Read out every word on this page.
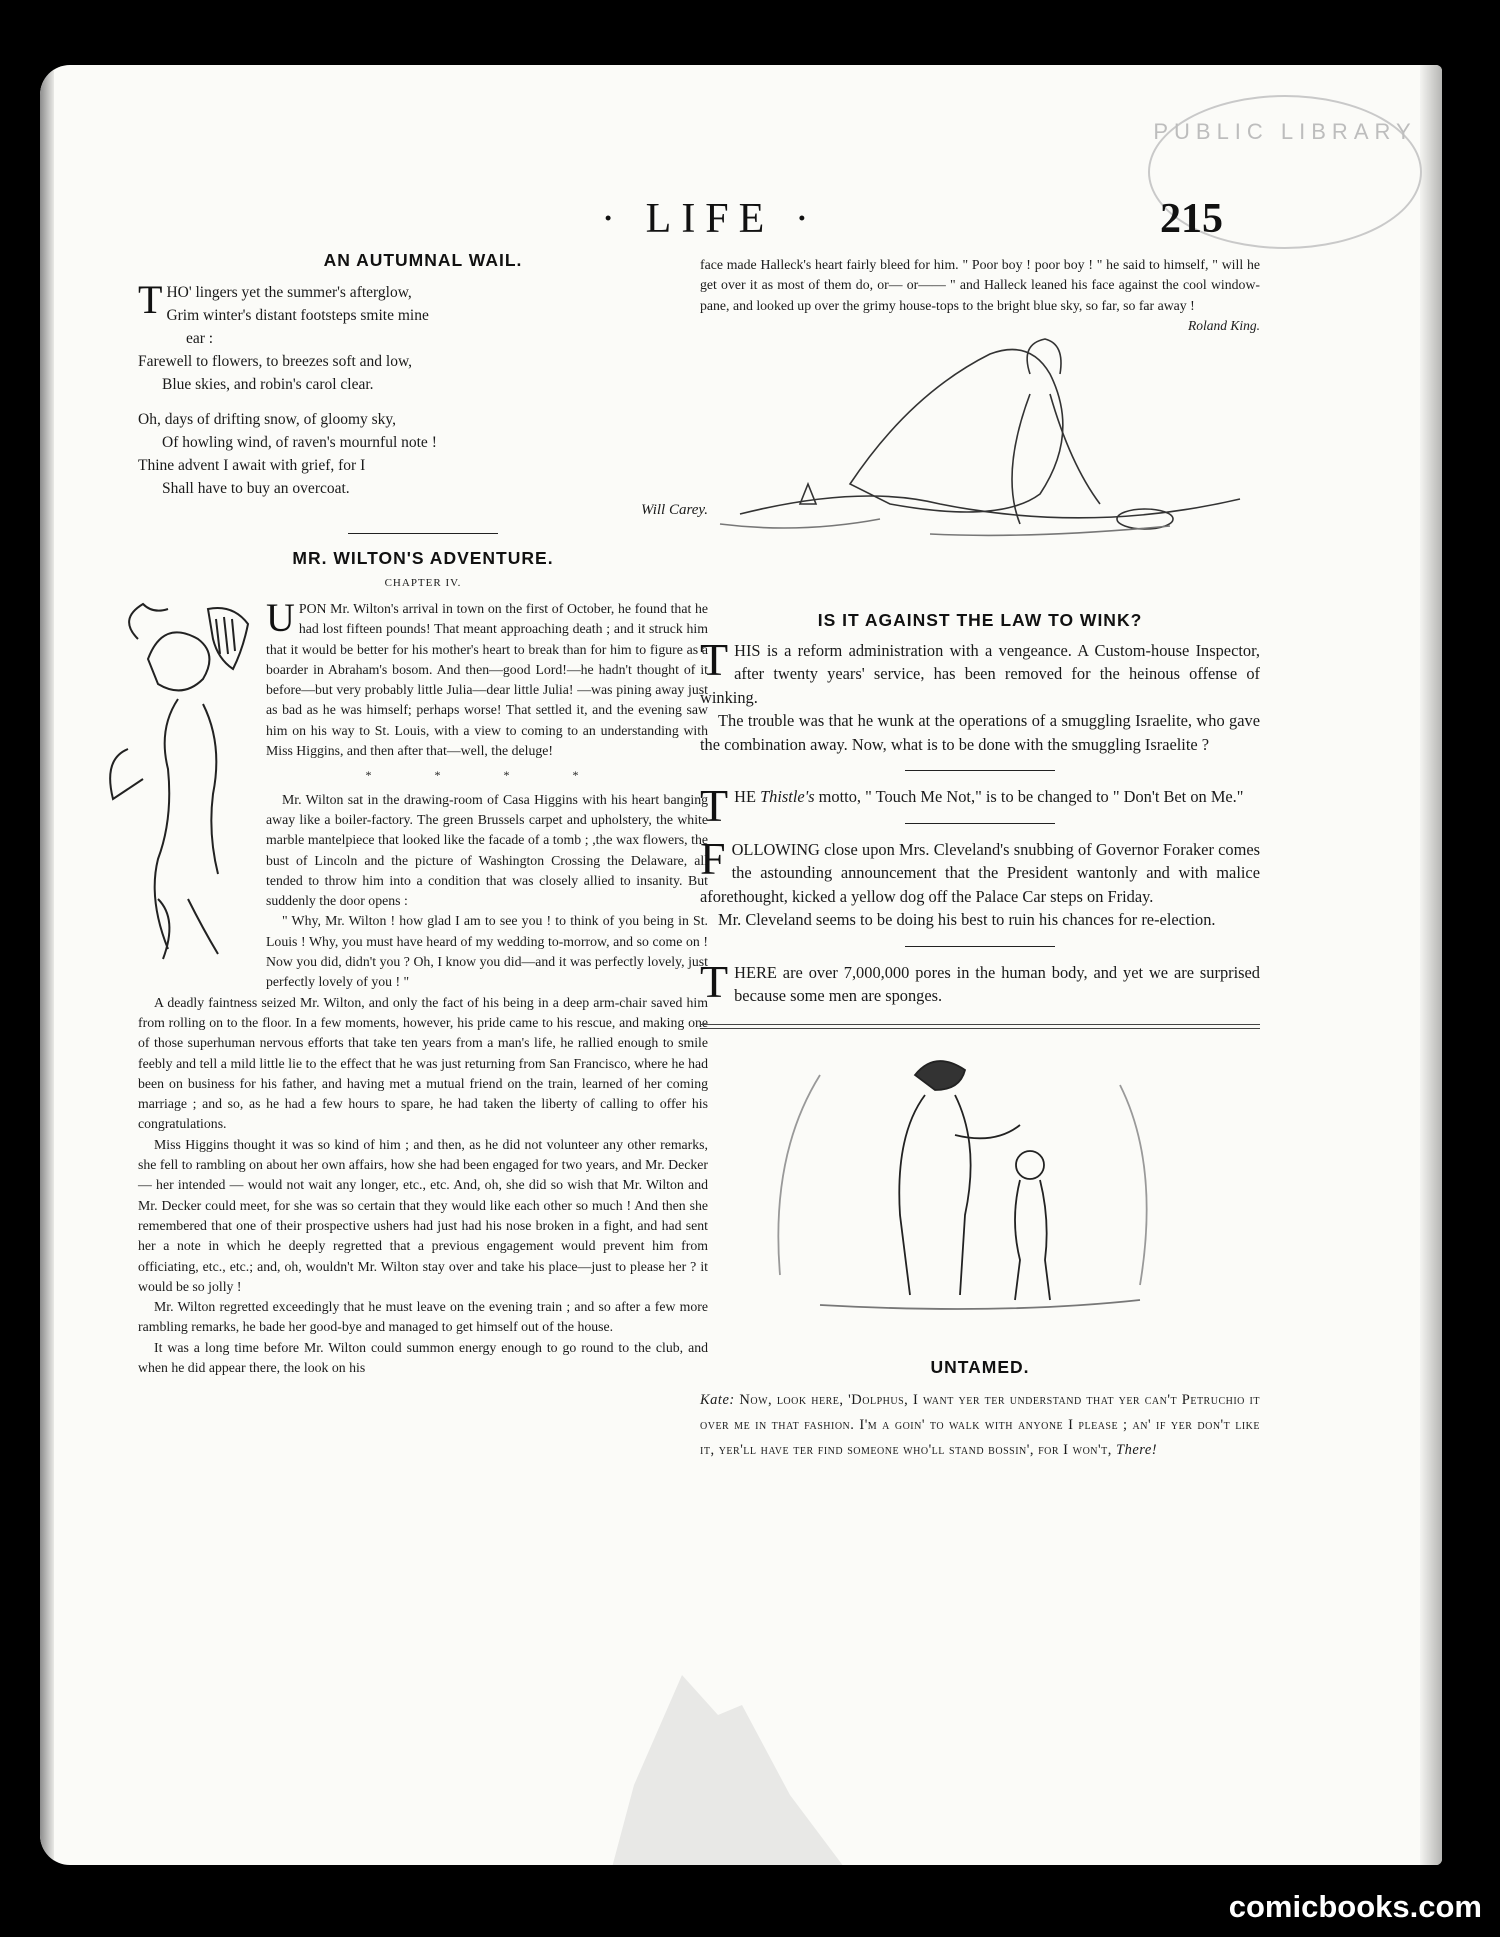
PUBLIC LIBRARY
· LIFE ·	215
AN AUTUMNAL WAIL.
T HO' lingers yet the summer's afterglow,
Grim winter's distant footsteps smite mine
ear :
Farewell to flowers, to breezes soft and low,
Blue skies, and robin's carol clear.
Oh, days of drifting snow, of gloomy sky,
Of howling wind, of raven's mournful note !
Thine advent I await with grief, for I
Shall have to buy an overcoat.
Will Carey.
MR. WILTON'S ADVENTURE.
CHAPTER IV.

U PON Mr. Wilton's arrival in town on the first of October, he found that he had lost fifteen pounds! That meant approaching death ; and it struck him that it would be better for his mother's heart to break than for him to figure as a boarder in Abraham's bosom. And then—good Lord!—he hadn't thought of it before—but very probably little Julia—dear little Julia! —was pining away just as bad as he was himself; perhaps worse! That settled it, and the evening saw him on his way to St. Louis, with a view to coming to an understanding with Miss Higgins, and then after that—well, the deluge!

* * * *

Mr. Wilton sat in the drawing-room of Casa Higgins with his heart banging away like a boiler-factory. The green Brussels carpet and upholstery, the white marble mantelpiece that looked like the facade of a tomb ; ,the wax flowers, the bust of Lincoln and the picture of Washington Crossing the Delaware, all tended to throw him into a condition that was closely allied to insanity. But suddenly the door opens :

" Why, Mr. Wilton ! how glad I am to see you ! to think of you being in St. Louis ! Why, you must have heard of my wedding to-morrow, and so come on ! Now you did, didn't you ? Oh, I know you did—and it was perfectly lovely, just perfectly lovely of you ! "

A deadly faintness seized Mr. Wilton, and only the fact of his being in a deep arm-chair saved him from rolling on to the floor. In a few moments, however, his pride came to his rescue, and making one of those superhuman nervous efforts that take ten years from a man's life, he rallied enough to smile feebly and tell a mild little lie to the effect that he was just returning from San Francisco, where he had been on business for his father, and having met a mutual friend on the train, learned of her coming marriage ; and so, as he had a few hours to spare, he had taken the liberty of calling to offer his congratulations.

Miss Higgins thought it was so kind of him ; and then, as he did not volunteer any other remarks, she fell to rambling on about her own affairs, how she had been engaged for two years, and Mr. Decker — her intended — would not wait any longer, etc., etc. And, oh, she did so wish that Mr. Wilton and Mr. Decker could meet, for she was so certain that they would like each other so much ! And then she remembered that one of their prospective ushers had just had his nose broken in a fight, and had sent her a note in which he deeply regretted that a previous engagement would prevent him from officiating, etc., etc.; and, oh, wouldn't Mr. Wilton stay over and take his place—just to please her ? it would be so jolly !

Mr. Wilton regretted exceedingly that he must leave on the evening train ; and so after a few more rambling remarks, he bade her good-bye and managed to get himself out of the house.

It was a long time before Mr. Wilton could summon energy enough to go round to the club, and when he did appear there, the look on his

face made Halleck's heart fairly bleed for him. " Poor boy ! poor boy ! " he said to himself, " will he get over it as most of them do, or— or—— " and Halleck leaned his face against the cool window-pane, and looked up over the grimy house-tops to the bright blue sky, so far, so far away !

Roland King.
IS IT AGAINST THE LAW TO WINK?

T HIS is a reform administration with a vengeance. A Custom-house Inspector, after twenty years' service, has been removed for the heinous offense of winking.

The trouble was that he wunk at the operations of a smuggling Israelite, who gave the combination away. Now, what is to be done with the smuggling Israelite ?

THE Thistle's motto, " Touch Me Not," is to be changed to " Don't Bet on Me."

F OLLOWING close upon Mrs. Cleveland's snubbing of Governor Foraker comes the astounding announcement that the President wantonly and with malice aforethought, kicked a yellow dog off the Palace Car steps on Friday.

Mr. Cleveland seems to be doing his best to ruin his chances for re-election.

T HERE are over 7,000,000 pores in the human body, and yet we are surprised because some men are sponges.

UNTAMED.
Kate: Now, look here, 'Dolphus, I want yer ter understand that yer can't Petruchio it over me in that fashion. I'm a goin' to walk with anyone I please ; an' if yer don't like it, yer'll have ter find someone who'll stand bossin', for I won't, There!
comicbooks.com
